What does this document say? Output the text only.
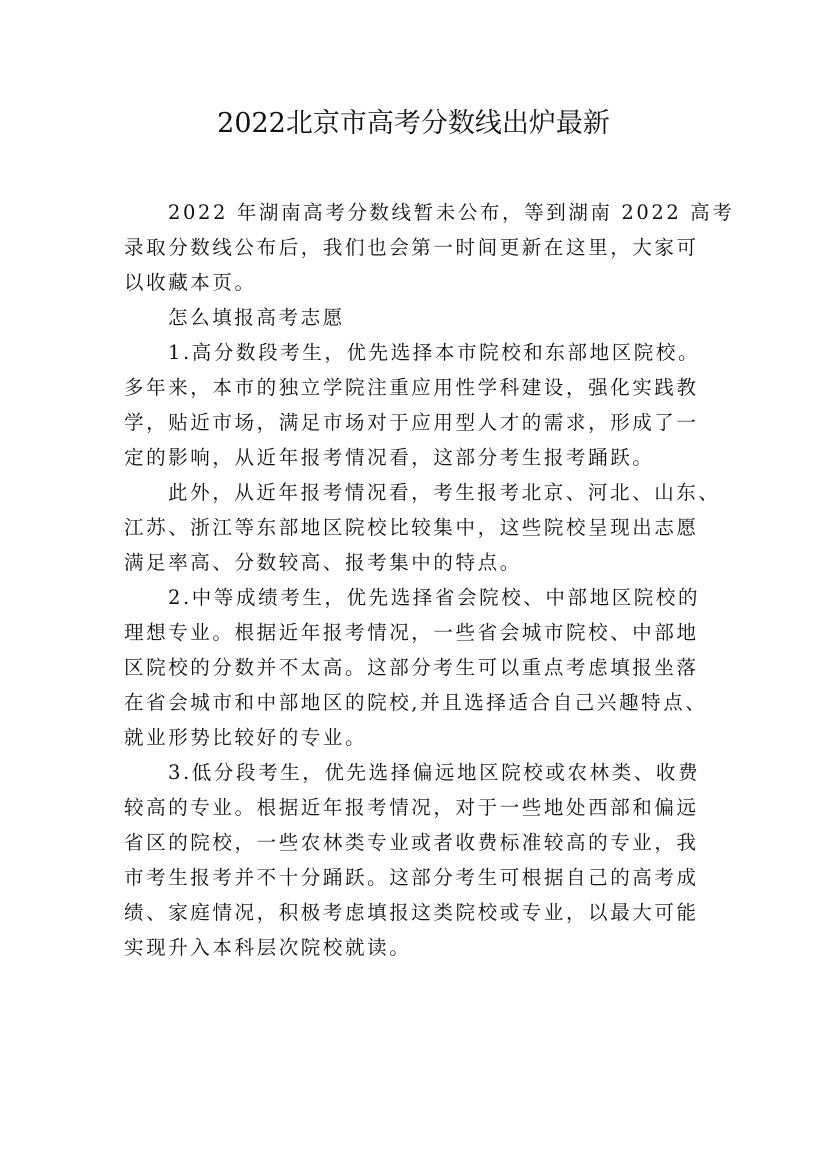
2022北京市高考分数线出炉最新
2022 年湖南高考分数线暂未公布，等到湖南 2022 高考
录取分数线公布后，我们也会第一时间更新在这里，大家可
以收藏本页。
怎么填报高考志愿
1.高分数段考生，优先选择本市院校和东部地区院校。
多年来，本市的独立学院注重应用性学科建设，强化实践教
学，贴近市场，满足市场对于应用型人才的需求，形成了一
定的影响，从近年报考情况看，这部分考生报考踊跃。
此外，从近年报考情况看，考生报考北京、河北、山东、
江苏、浙江等东部地区院校比较集中，这些院校呈现出志愿
满足率高、分数较高、报考集中的特点。
2.中等成绩考生，优先选择省会院校、中部地区院校的
理想专业。根据近年报考情况，一些省会城市院校、中部地
区院校的分数并不太高。这部分考生可以重点考虑填报坐落
在省会城市和中部地区的院校,并且选择适合自己兴趣特点、
就业形势比较好的专业。
3.低分段考生，优先选择偏远地区院校或农林类、收费
较高的专业。根据近年报考情况，对于一些地处西部和偏远
省区的院校，一些农林类专业或者收费标准较高的专业，我
市考生报考并不十分踊跃。这部分考生可根据自己的高考成
绩、家庭情况，积极考虑填报这类院校或专业，以最大可能
实现升入本科层次院校就读。
